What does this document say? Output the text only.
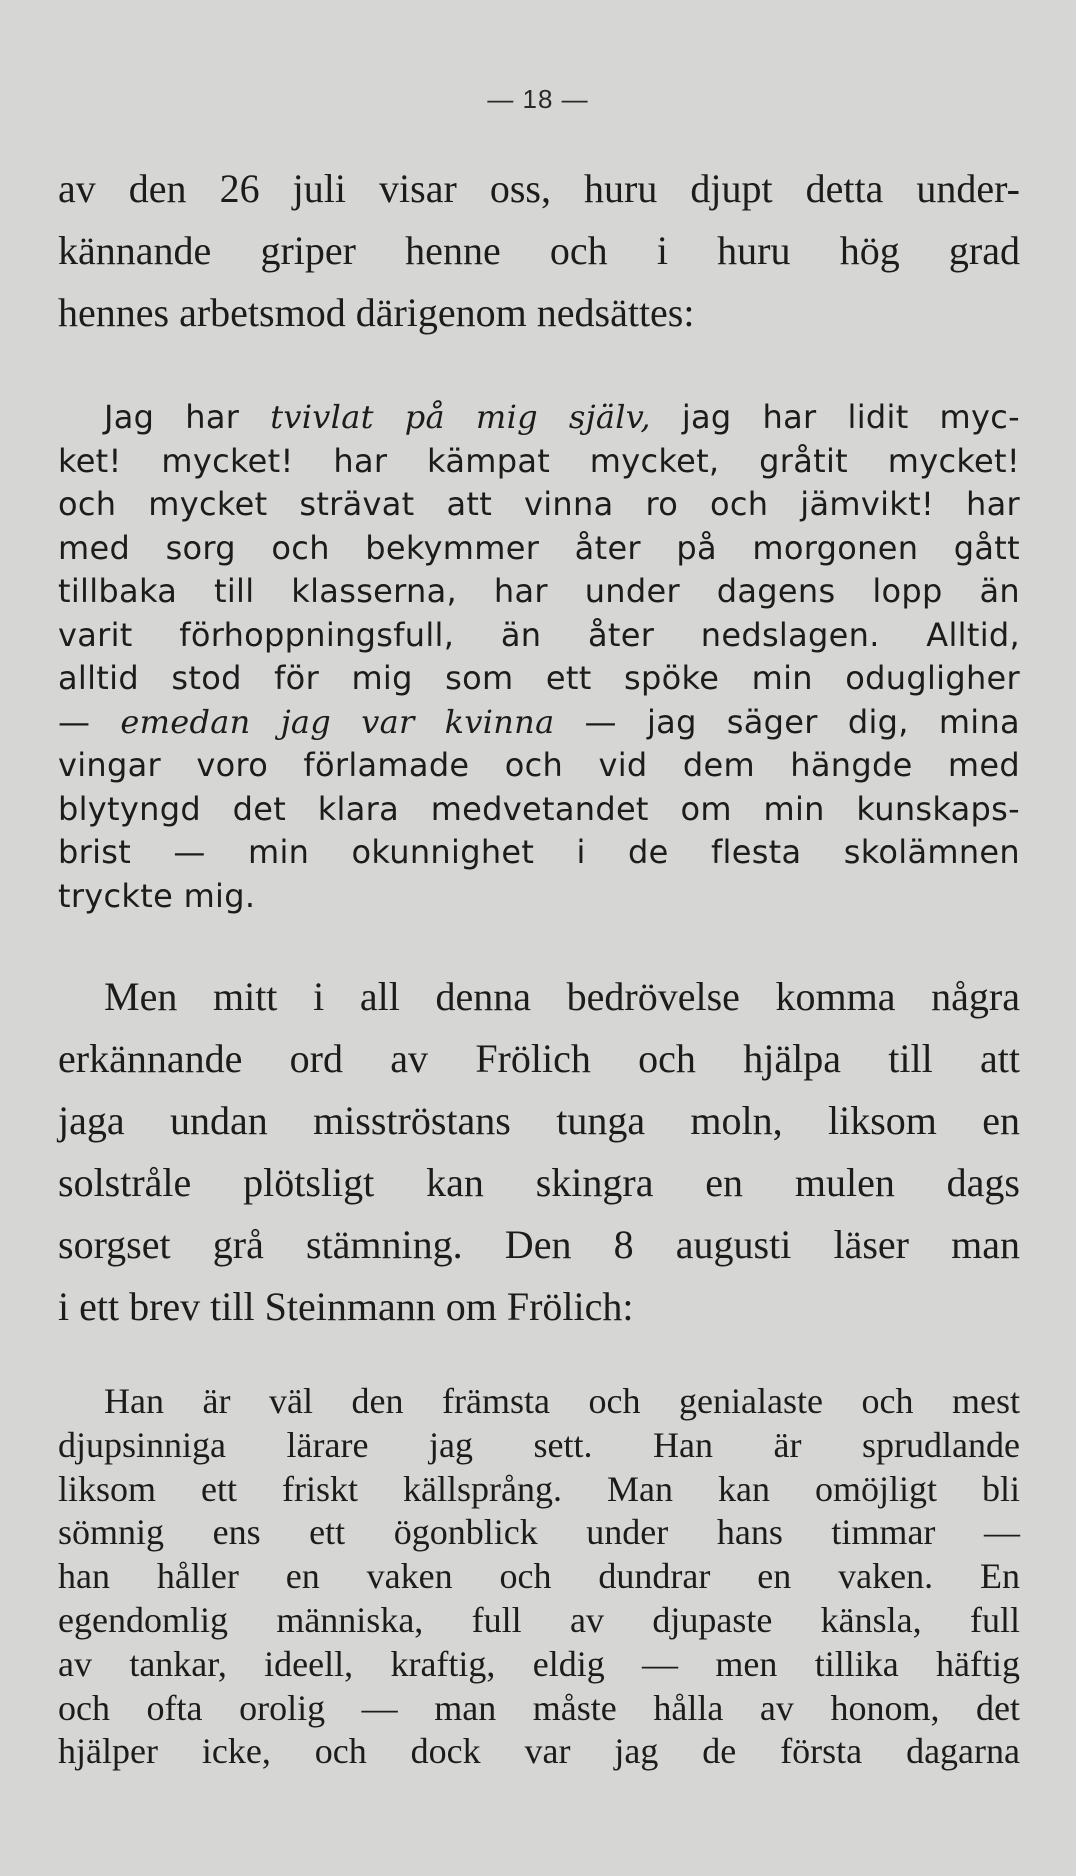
— 18 —
av den 26 juli visar oss, huru djupt detta under-
kännande griper henne och i huru hög grad
hennes arbetsmod därigenom nedsättes:
Jag har tvivlat på mig själv, jag har lidit myc-
ket! mycket! har kämpat mycket, gråtit mycket!
och mycket strävat att vinna ro och jämvikt! har
med sorg och bekymmer åter på morgonen gått
tillbaka till klasserna, har under dagens lopp än
varit förhoppningsfull, än åter nedslagen. Alltid,
alltid stod för mig som ett spöke min odugligher
— emedan jag var kvinna — jag säger dig, mina
vingar voro förlamade och vid dem hängde med
blytyngd det klara medvetandet om min kunskaps-
brist — min okunnighet i de flesta skolämnen
tryckte mig.
Men mitt i all denna bedrövelse komma några
erkännande ord av Frölich och hjälpa till att
jaga undan misströstans tunga moln, liksom en
solstråle plötsligt kan skingra en mulen dags
sorgset grå stämning. Den 8 augusti läser man
i ett brev till Steinmann om Frölich:
Han är väl den främsta och genialaste och mest
djupsinniga lärare jag sett. Han är sprudlande
liksom ett friskt källsprång. Man kan omöjligt bli
sömnig ens ett ögonblick under hans timmar —
han håller en vaken och dundrar en vaken. En
egendomlig människa, full av djupaste känsla, full
av tankar, ideell, kraftig, eldig — men tillika häftig
och ofta orolig — man måste hålla av honom, det
hjälper icke, och dock var jag de första dagarna
